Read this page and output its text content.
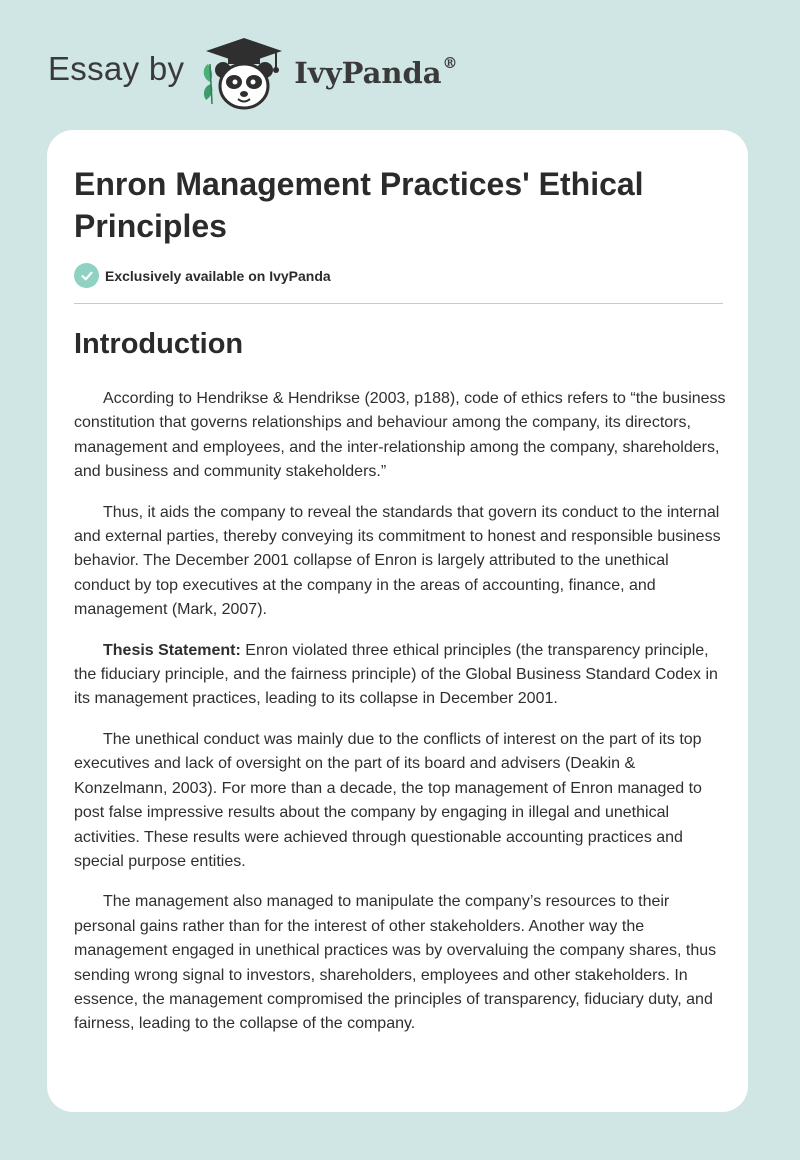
Essay by	IvyPanda®
Enron Management Practices' Ethical Principles
Exclusively available on IvyPanda
Introduction

According to Hendrikse & Hendrikse (2003, p188), code of ethics refers to “the business constitution that governs relationships and behaviour among the company, its directors, management and employees, and the inter-relationship among the company, shareholders, and business and community stakeholders.”

Thus, it aids the company to reveal the standards that govern its conduct to the internal and external parties, thereby conveying its commitment to honest and responsible business behavior. The December 2001 collapse of Enron is largely attributed to the unethical conduct by top executives at the company in the areas of accounting, finance, and management (Mark, 2007).

Thesis Statement: Enron violated three ethical principles (the transparency principle, the fiduciary principle, and the fairness principle) of the Global Business Standard Codex in its management practices, leading to its collapse in December 2001.

The unethical conduct was mainly due to the conflicts of interest on the part of its top executives and lack of oversight on the part of its board and advisers (Deakin & Konzelmann, 2003). For more than a decade, the top management of Enron managed to post false impressive results about the company by engaging in illegal and unethical activities. These results were achieved through questionable accounting practices and special purpose entities.

The management also managed to manipulate the company’s resources to their personal gains rather than for the interest of other stakeholders. Another way the management engaged in unethical practices was by overvaluing the company shares, thus sending wrong signal to investors, shareholders, employees and other stakeholders. In essence, the management compromised the principles of transparency, fiduciary duty, and fairness, leading to the collapse of the company.
